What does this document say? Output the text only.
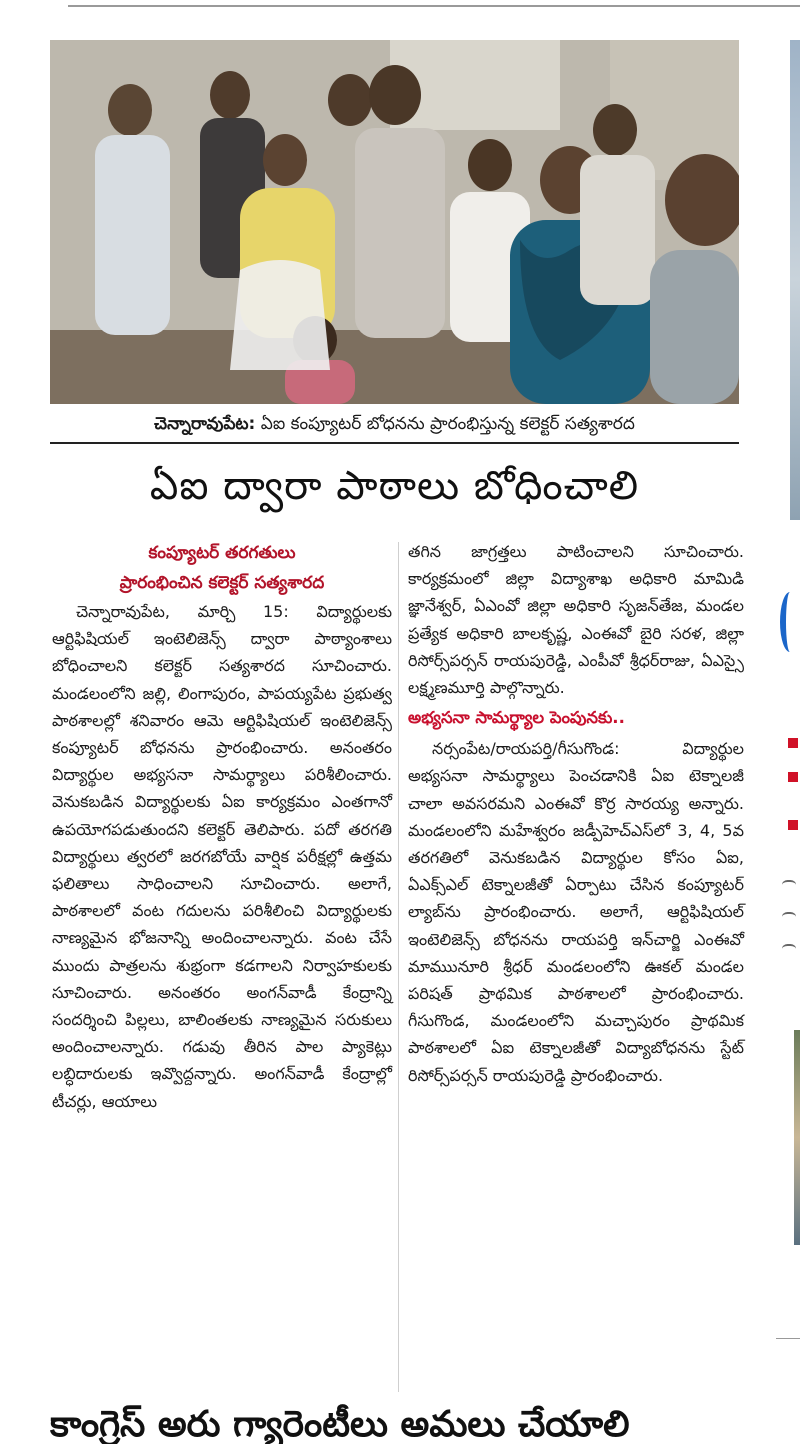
చెన్నారావుపేట: ఏఐ కంప్యూటర్ బోధనను ప్రారంభిస్తున్న కలెక్టర్ సత్యశారద
ఏఐ ద్వారా పాఠాలు బోధించాలి

కంప్యూటర్ తరగతులు

ప్రారంభించిన కలెక్టర్ సత్యశారద

చెన్నారావుపేట, మార్చి 15: విద్యార్థులకు ఆర్టిఫిషియల్ ఇంటెలిజెన్స్ ద్వారా పాఠ్యాంశాలు బోధించాలని కలెక్టర్ సత్యశారద సూచించారు. మండలంలోని జల్లి, లింగాపురం, పాపయ్యపేట ప్రభుత్వ పాఠశాలల్లో శనివారం ఆమె ఆర్టిఫిషియల్ ఇంటెలిజెన్స్ కంప్యూటర్ బోధనను ప్రారంభించారు. అనంతరం విద్యార్థుల అభ్యసనా సామర్థ్యాలు పరిశీలించారు. వెనుకబడిన విద్యార్థులకు ఏఐ కార్యక్రమం ఎంతగానో ఉపయోగపడుతుందని కలెక్టర్ తెలిపారు. పదో తరగతి విద్యార్థులు త్వరలో జరగబోయే వార్షిక పరీక్షల్లో ఉత్తమ ఫలితాలు సాధించాలని సూచించారు. అలాగే, పాఠశాలలో వంట గదులను పరిశీలించి విద్యార్థులకు నాణ్యమైన భోజనాన్ని అందించాలన్నారు. వంట చేసే ముందు పాత్రలను శుభ్రంగా కడగాలని నిర్వాహకులకు సూచించారు. అనంతరం అంగన్‌వాడీ కేంద్రాన్ని సందర్శించి పిల్లలు, బాలింతలకు నాణ్యమైన సరుకులు అందించాలన్నారు. గడువు తీరిన పాల ప్యాకెట్లు లబ్ధిదారులకు ఇవ్వొద్దన్నారు. అంగన్‌వాడీ కేంద్రాల్లో టీచర్లు, ఆయాలు

తగిన జాగ్రత్తలు పాటించాలని సూచించారు. కార్యక్రమంలో జిల్లా విద్యాశాఖ అధికారి మామిడి జ్ఞానేశ్వర్, ఏఎంవో జిల్లా అధికారి సృజన్‌తేజ, మండల ప్రత్యేక అధికారి బాలకృష్ణ, ఎంఈవో బైరి సరళ, జిల్లా రిసోర్స్‌పర్సన్ రాయపురెడ్డి, ఎంపీవో శ్రీధర్‌రాజు, ఏఎస్సై లక్ష్మణమూర్తి పాల్గొన్నారు.

అభ్యసనా సామర్థ్యాల పెంపునకు..

నర్సంపేట/రాయపర్తి/గీసుగొండ: విద్యార్థుల అభ్యసనా సామర్థ్యాలు పెంచడానికి ఏఐ టెక్నాలజీ చాలా అవసరమని ఎంఈవో కొర్ర సారయ్య అన్నారు. మండలంలోని మహేశ్వరం జడ్పీహెచ్‌ఎస్‌లో 3, 4, 5వ తరగతిలో వెనుకబడిన విద్యార్థుల కోసం ఏఐ, ఏఎక్స్ఎల్ టెక్నాలజీతో ఏర్పాటు చేసిన కంప్యూటర్ ల్యాబ్‌ను ప్రారంభించారు. అలాగే, ఆర్టిఫిషియల్ ఇంటెలిజెన్స్ బోధనను రాయపర్తి ఇన్‌చార్జి ఎంఈవో మాముునూరి శ్రీధర్ మండలంలోని ఊకల్ మండల పరిషత్ ప్రాథమిక పాఠశాలలో ప్రారంభించారు. గీసుగొండ, మండలంలోని మచ్చాపురం ప్రాథమిక పాఠశాలలో ఏఐ టెక్నాలజీతో విద్యాబోధనను స్టేట్ రిసోర్స్‌పర్సన్ రాయపురెడ్డి ప్రారంభించారు.

కాంగ్రెస్ అరు గ్యారెంటీలు అమలు చేయాలి
